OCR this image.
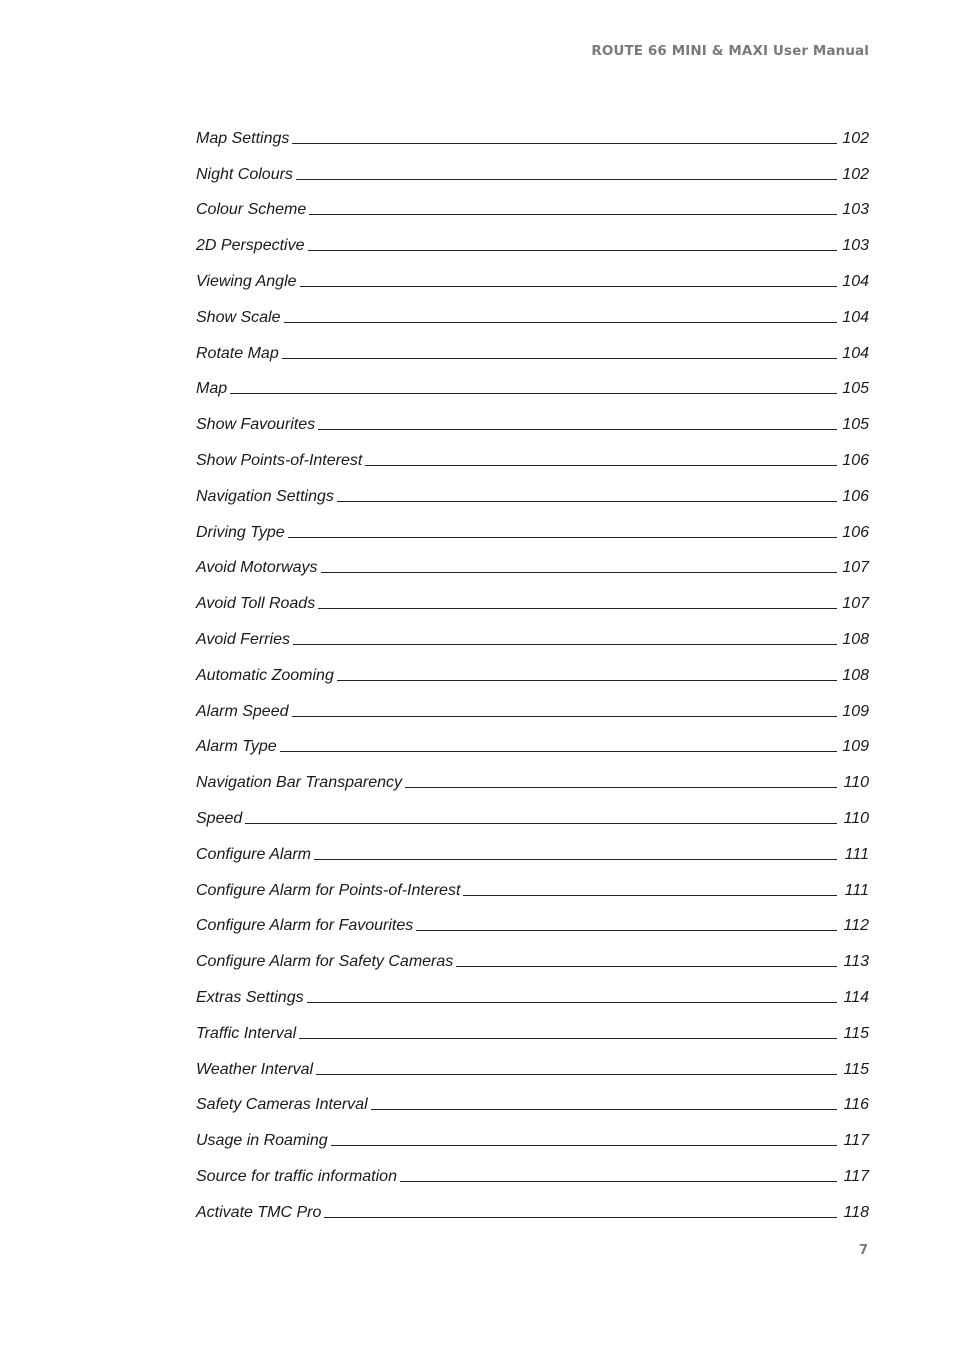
ROUTE 66 MINI & MAXI User Manual
Map Settings	102
Night Colours	102
Colour Scheme	103
2D Perspective	103
Viewing Angle	104
Show Scale	104
Rotate Map	104
Map	105
Show Favourites	105
Show Points-of-Interest	106
Navigation Settings	106
Driving Type	106
Avoid Motorways	107
Avoid Toll Roads	107
Avoid Ferries	108
Automatic Zooming	108
Alarm Speed	109
Alarm Type	109
Navigation Bar Transparency	110
Speed	110
Configure Alarm	111
Configure Alarm for Points-of-Interest	111
Configure Alarm for Favourites	112
Configure Alarm for Safety Cameras	113
Extras Settings	114
Traffic Interval	115
Weather Interval	115
Safety Cameras Interval	116
Usage in Roaming	117
Source for traffic information	117
Activate TMC Pro	118
7
